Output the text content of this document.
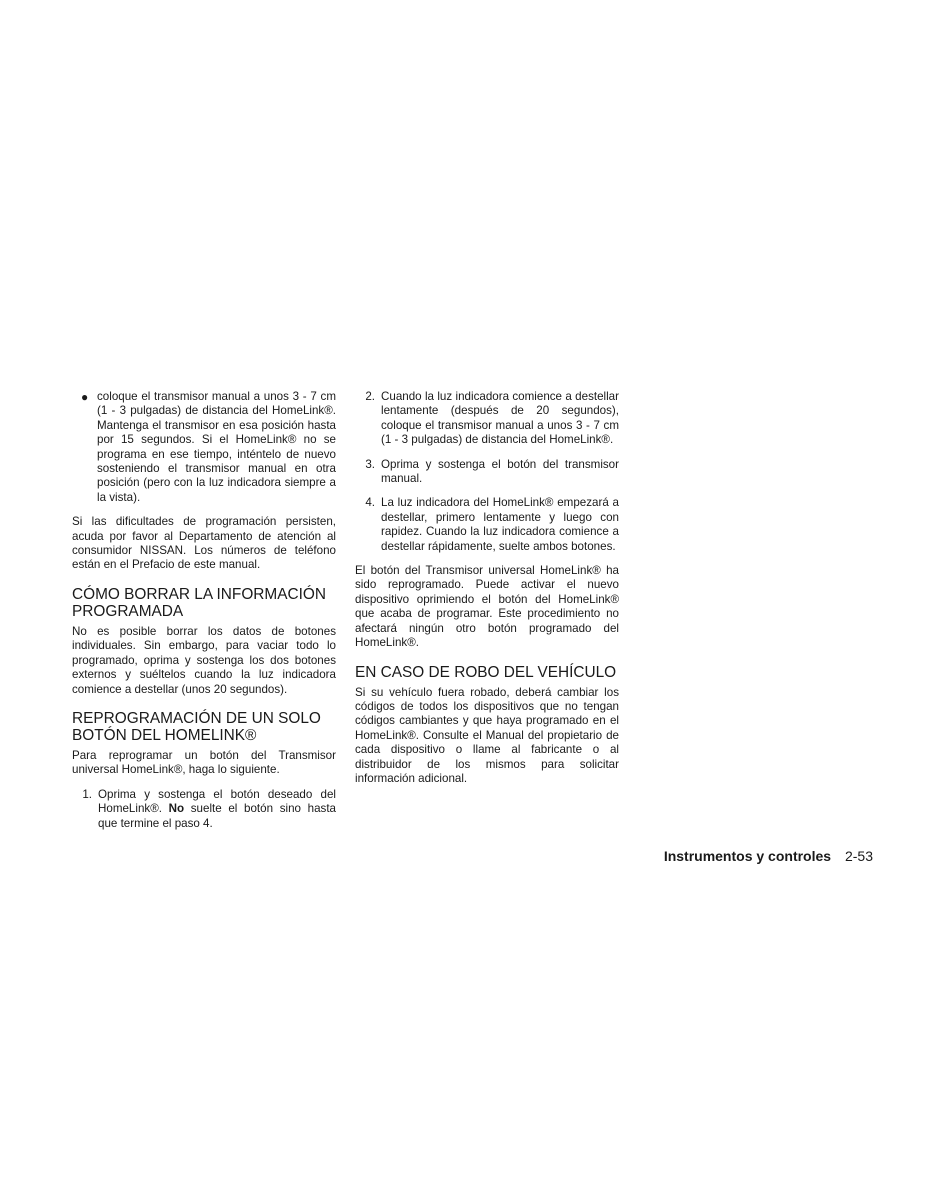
● coloque el transmisor manual a unos 3 - 7 cm (1 - 3 pulgadas) de distancia del HomeLink®. Mantenga el transmisor en esa posición hasta por 15 segundos. Si el HomeLink® no se programa en ese tiempo, inténtelo de nuevo sosteniendo el transmisor manual en otra posición (pero con la luz indicadora siempre a la vista).

Si las dificultades de programación persisten, acuda por favor al Departamento de atención al consumidor NISSAN. Los números de teléfono están en el Prefacio de este manual.

CÓMO BORRAR LA INFORMACIÓN PROGRAMADA

No es posible borrar los datos de botones individuales. Sin embargo, para vaciar todo lo programado, oprima y sostenga los dos botones externos y suéltelos cuando la luz indicadora comience a destellar (unos 20 segundos).

REPROGRAMACIÓN DE UN SOLO BOTÓN DEL HOMELINK®

Para reprogramar un botón del Transmisor universal HomeLink®, haga lo siguiente.

1. Oprima y sostenga el botón deseado del HomeLink®. No suelte el botón sino hasta que termine el paso 4.
2. Cuando la luz indicadora comience a destellar lentamente (después de 20 segundos), coloque el transmisor manual a unos 3 - 7 cm (1 - 3 pulgadas) de distancia del HomeLink®.
3. Oprima y sostenga el botón del transmisor manual.
4. La luz indicadora del HomeLink® empezará a destellar, primero lentamente y luego con rapidez. Cuando la luz indicadora comience a destellar rápidamente, suelte ambos botones.

El botón del Transmisor universal HomeLink® ha sido reprogramado. Puede activar el nuevo dispositivo oprimiendo el botón del HomeLink® que acaba de programar. Este procedimiento no afectará ningún otro botón programado del HomeLink®.

EN CASO DE ROBO DEL VEHÍCULO

Si su vehículo fuera robado, deberá cambiar los códigos de todos los dispositivos que no tengan códigos cambiantes y que haya programado en el HomeLink®. Consulte el Manual del propietario de cada dispositivo o llame al fabricante o al distribuidor de los mismos para solicitar información adicional.

Instrumentos y controles 2-53
